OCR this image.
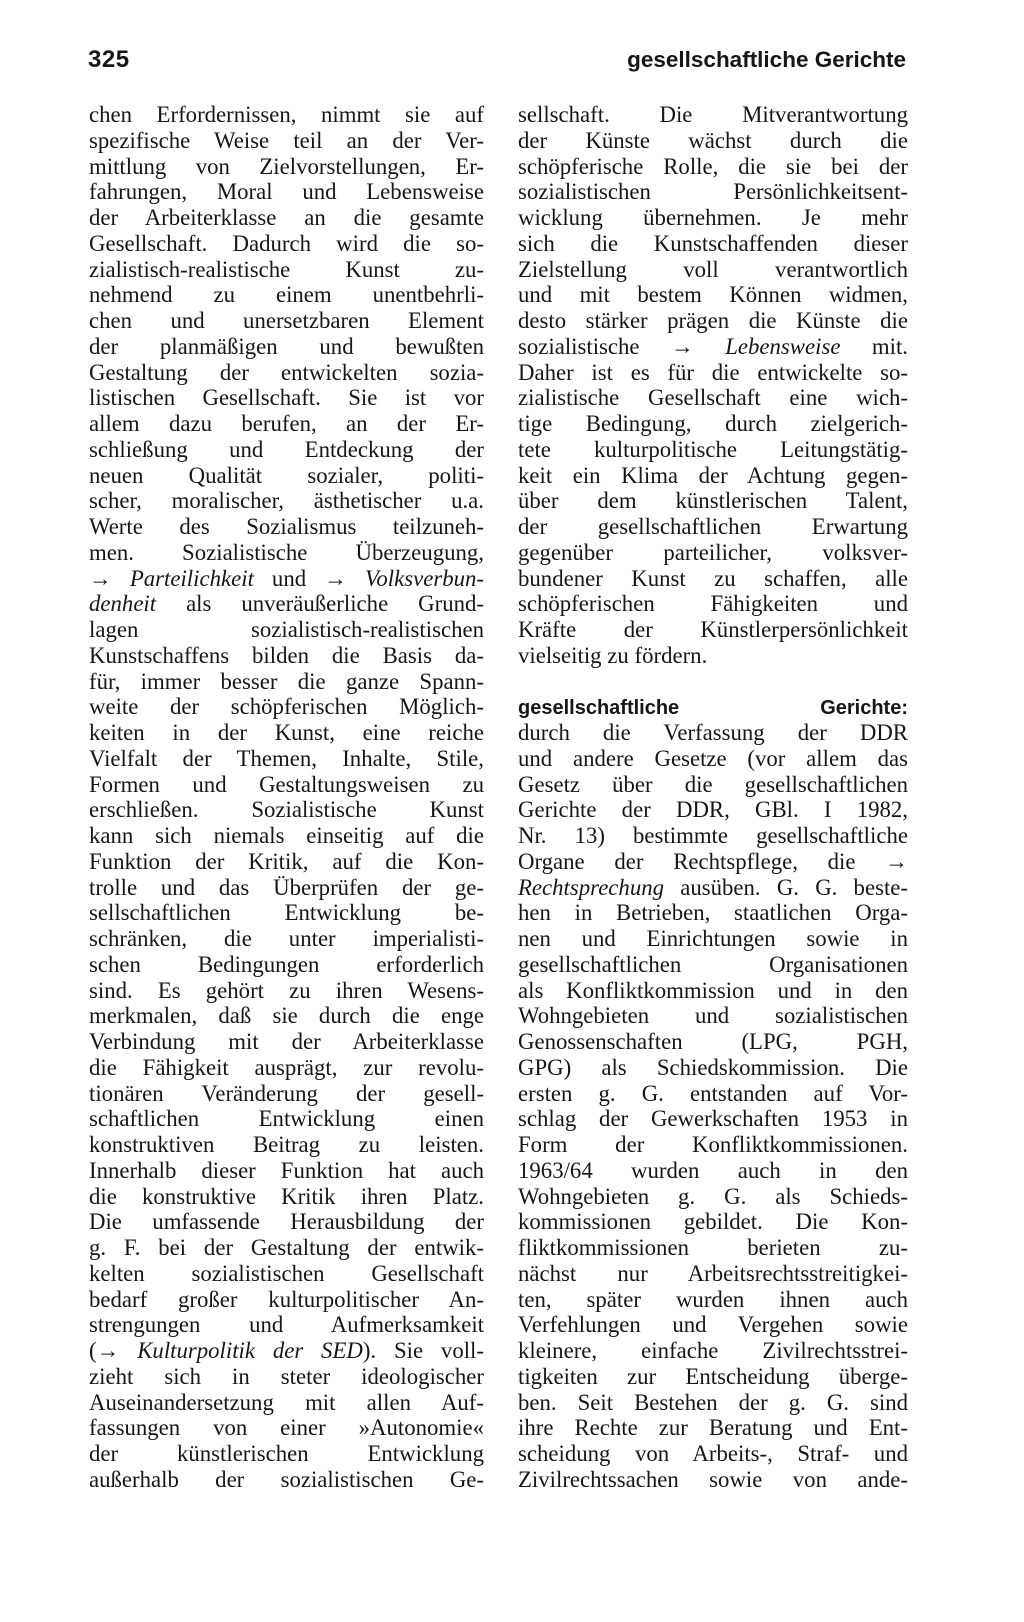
325	gesellschaftliche Gerichte
chen Erfordernissen, nimmt sie auf
spezifische Weise teil an der Ver-
mittlung von Zielvorstellungen, Er-
fahrungen, Moral und Lebensweise
der Arbeiterklasse an die gesamte
Gesellschaft. Dadurch wird die so-
zialistisch-realistische Kunst zu-
nehmend zu einem unentbehrli-
chen und unersetzbaren Element
der planmäßigen und bewußten
Gestaltung der entwickelten sozia-
listischen Gesellschaft. Sie ist vor
allem dazu berufen, an der Er-
schließung und Entdeckung der
neuen Qualität sozialer, politi-
scher, moralischer, ästhetischer u.a.
Werte des Sozialismus teilzuneh-
men. Sozialistische Überzeugung,
→ Parteilichkeit und → Volksverbun-
denheit als unveräußerliche Grund-
lagen sozialistisch-realistischen
Kunstschaffens bilden die Basis da-
für, immer besser die ganze Spann-
weite der schöpferischen Möglich-
keiten in der Kunst, eine reiche
Vielfalt der Themen, Inhalte, Stile,
Formen und Gestaltungsweisen zu
erschließen. Sozialistische Kunst
kann sich niemals einseitig auf die
Funktion der Kritik, auf die Kon-
trolle und das Überprüfen der ge-
sellschaftlichen Entwicklung be-
schränken, die unter imperialisti-
schen Bedingungen erforderlich
sind. Es gehört zu ihren Wesens-
merkmalen, daß sie durch die enge
Verbindung mit der Arbeiterklasse
die Fähigkeit ausprägt, zur revolu-
tionären Veränderung der gesell-
schaftlichen Entwicklung einen
konstruktiven Beitrag zu leisten.
Innerhalb dieser Funktion hat auch
die konstruktive Kritik ihren Platz.
Die umfassende Herausbildung der
g. F. bei der Gestaltung der entwik-
kelten sozialistischen Gesellschaft
bedarf großer kulturpolitischer An-
strengungen und Aufmerksamkeit
(→ Kulturpolitik der SED). Sie voll-
zieht sich in steter ideologischer
Auseinandersetzung mit allen Auf-
fassungen von einer »Autonomie«
der künstlerischen Entwicklung
außerhalb der sozialistischen Ge-
sellschaft. Die Mitverantwortung
der Künste wächst durch die
schöpferische Rolle, die sie bei der
sozialistischen Persönlichkeitsent-
wicklung übernehmen. Je mehr
sich die Kunstschaffenden dieser
Zielstellung voll verantwortlich
und mit bestem Können widmen,
desto stärker prägen die Künste die
sozialistische → Lebensweise mit.
Daher ist es für die entwickelte so-
zialistische Gesellschaft eine wich-
tige Bedingung, durch zielgerich-
tete kulturpolitische Leitungstätig-
keit ein Klima der Achtung gegen-
über dem künstlerischen Talent,
der gesellschaftlichen Erwartung
gegenüber parteilicher, volksver-
bundener Kunst zu schaffen, alle
schöpferischen Fähigkeiten und
Kräfte der Künstlerpersönlichkeit
vielseitig zu fördern.
gesellschaftliche Gerichte:
durch die Verfassung der DDR
und andere Gesetze (vor allem das
Gesetz über die gesellschaftlichen
Gerichte der DDR, GBl. I 1982,
Nr. 13) bestimmte gesellschaftliche
Organe der Rechtspflege, die →
Rechtsprechung ausüben. G. G. beste-
hen in Betrieben, staatlichen Orga-
nen und Einrichtungen sowie in
gesellschaftlichen Organisationen
als Konfliktkommission und in den
Wohngebieten und sozialistischen
Genossenschaften (LPG, PGH,
GPG) als Schiedskommission. Die
ersten g. G. entstanden auf Vor-
schlag der Gewerkschaften 1953 in
Form der Konfliktkommissionen.
1963/64 wurden auch in den
Wohngebieten g. G. als Schieds-
kommissionen gebildet. Die Kon-
fliktkommissionen berieten zu-
nächst nur Arbeitsrechtsstreitigkei-
ten, später wurden ihnen auch
Verfehlungen und Vergehen sowie
kleinere, einfache Zivilrechtsstrei-
tigkeiten zur Entscheidung überge-
ben. Seit Bestehen der g. G. sind
ihre Rechte zur Beratung und Ent-
scheidung von Arbeits-, Straf- und
Zivilrechtssachen sowie von ande-
